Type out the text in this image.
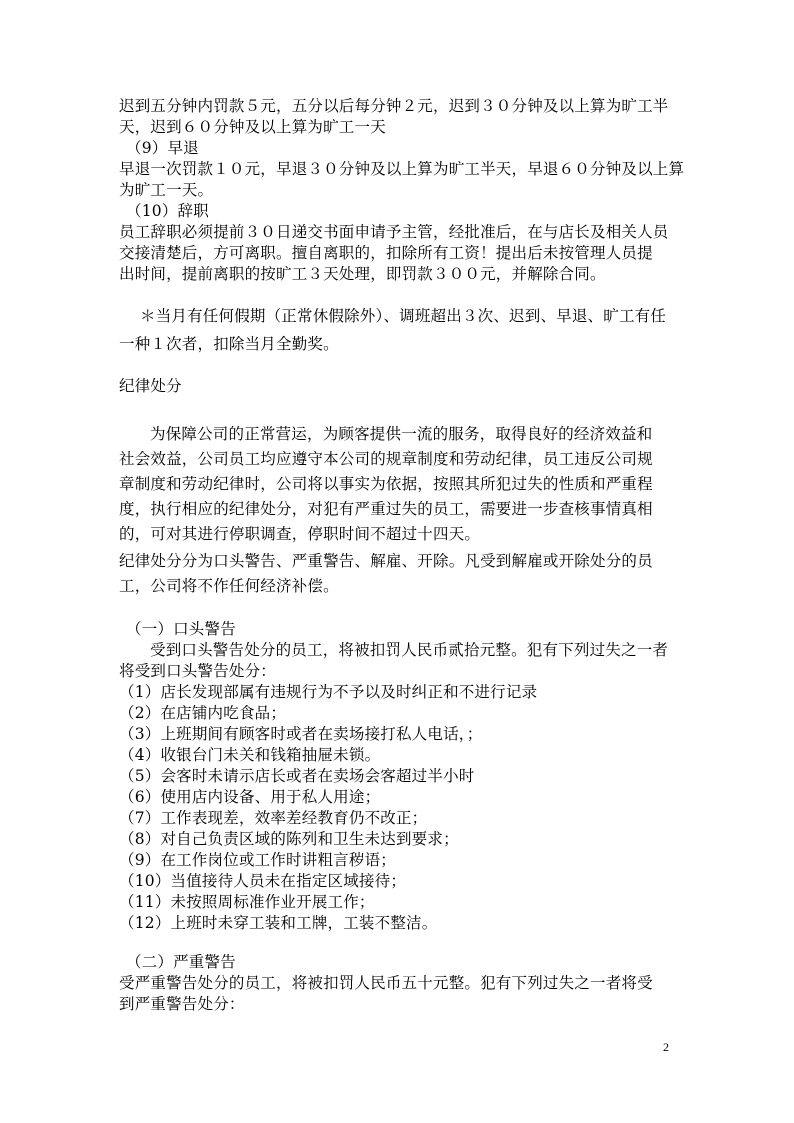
迟到五分钟内罚款５元，五分以后每分钟２元，迟到３０分钟及以上算为旷工半
天，迟到６０分钟及以上算为旷工一天
（9）早退
早退一次罚款１０元，早退３０分钟及以上算为旷工半天，早退６０分钟及以上算
为旷工一天。
（10）辞职
员工辞职必须提前３０日递交书面申请予主管，经批准后，在与店长及相关人员
交接清楚后，方可离职。擅自离职的，扣除所有工资！提出后未按管理人员提
出时间，提前离职的按旷工３天处理，即罚款３００元，并解除合同。
＊当月有任何假期（正常休假除外）、调班超出３次、迟到、早退、旷工有任
一种１次者，扣除当月全勤奖。
纪律处分
为保障公司的正常营运，为顾客提供一流的服务，取得良好的经济效益和
社会效益，公司员工均应遵守本公司的规章制度和劳动纪律，员工违反公司规
章制度和劳动纪律时，公司将以事实为依据，按照其所犯过失的性质和严重程
度，执行相应的纪律处分，对犯有严重过失的员工，需要进一步查核事情真相
的，可对其进行停职调查，停职时间不超过十四天。
纪律处分分为口头警告、严重警告、解雇、开除。凡受到解雇或开除处分的员
工，公司将不作任何经济补偿。
（一）口头警告
受到口头警告处分的员工，将被扣罚人民币贰拾元整。犯有下列过失之一者
将受到口头警告处分：
（1）店长发现部属有违规行为不予以及时纠正和不进行记录
（2）在店铺内吃食品；
（3）上班期间有顾客时或者在卖场接打私人电话，；
（4）收银台门未关和钱箱抽屉未锁。
（5）会客时未请示店长或者在卖场会客超过半小时
（6）使用店内设备、用于私人用途；
（7）工作表现差，效率差经教育仍不改正；
（8）对自己负责区域的陈列和卫生未达到要求；
（9）在工作岗位或工作时讲粗言秽语；
（10）当值接待人员未在指定区域接待；
（11）未按照周标准作业开展工作；
（12）上班时未穿工装和工牌，工装不整洁。
（二）严重警告
受严重警告处分的员工，将被扣罚人民币五十元整。犯有下列过失之一者将受
到严重警告处分：
2
